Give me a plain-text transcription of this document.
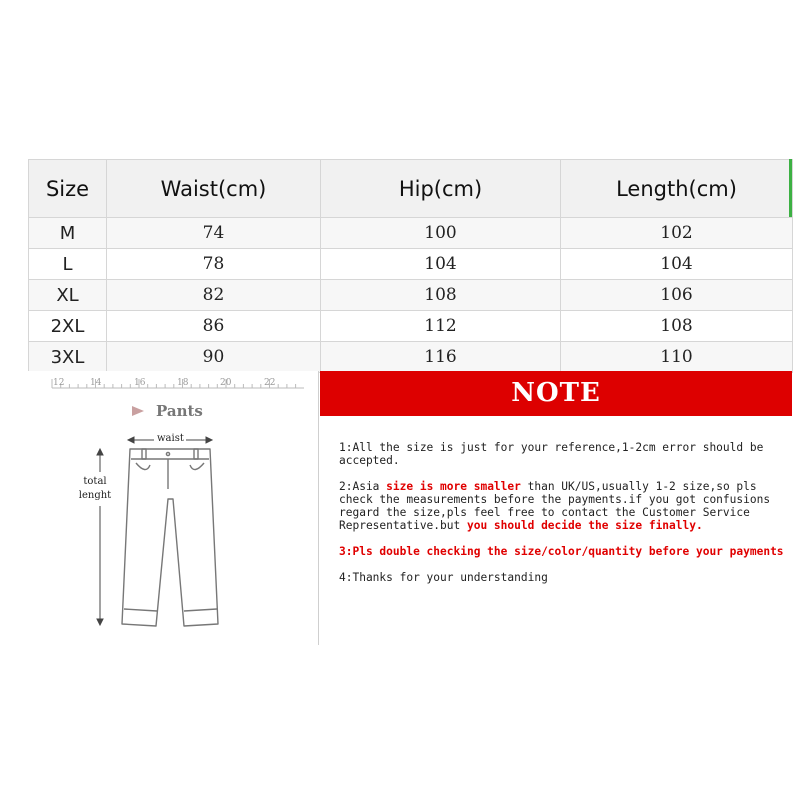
Size	Waist(cm)	Hip(cm)	Length(cm)
M	74	100	102
L	78	104	104
XL	82	108	106
2XL	86	112	108
3XL	90	116	110
12	14	16	18	20	22
Pants
waist
total
lenght
NOTE
1:All the size is just for your reference,1-2cm error should be accepted.
2:Asia size is more smaller than UK/US,usually 1-2 size,so pls check the measurements before the payments.if you got confusions regard the size,pls feel free to contact the Customer Service Representative.but you should decide the size finally.
3:Pls double checking the size/color/quantity before your payments
4:Thanks for your understanding
